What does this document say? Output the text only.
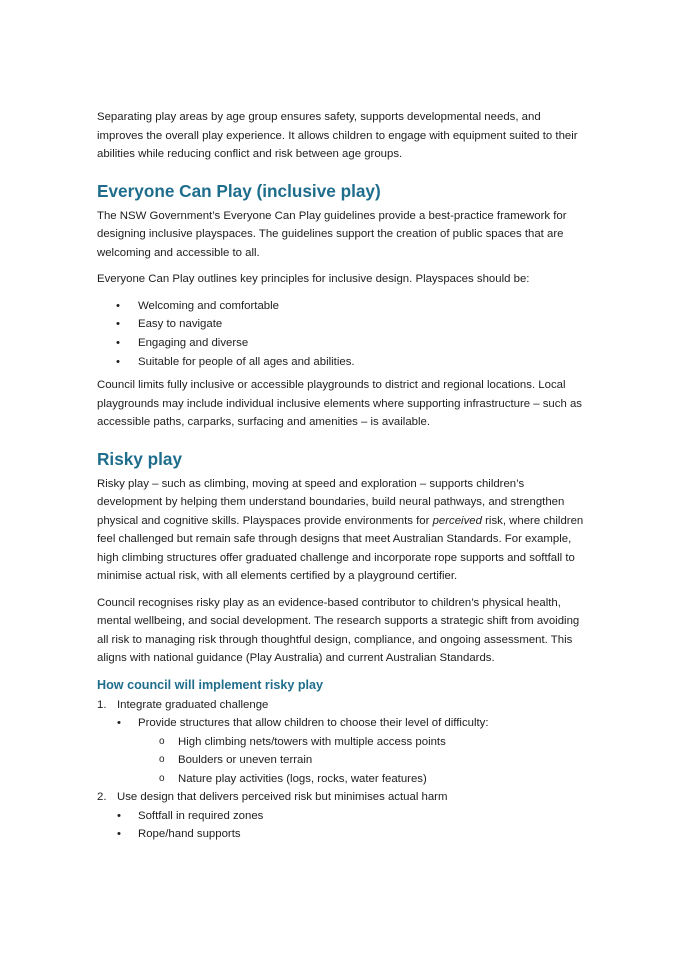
Separating play areas by age group ensures safety, supports developmental needs, and improves the overall play experience. It allows children to engage with equipment suited to their abilities while reducing conflict and risk between age groups.

Everyone Can Play (inclusive play)

The NSW Government’s Everyone Can Play guidelines provide a best-practice framework for designing inclusive playspaces. The guidelines support the creation of public spaces that are welcoming and accessible to all.

Everyone Can Play outlines key principles for inclusive design. Playspaces should be:

• Welcoming and comfortable
• Easy to navigate
• Engaging and diverse
• Suitable for people of all ages and abilities.

Council limits fully inclusive or accessible playgrounds to district and regional locations. Local playgrounds may include individual inclusive elements where supporting infrastructure – such as accessible paths, carparks, surfacing and amenities – is available.

Risky play

Risky play – such as climbing, moving at speed and exploration – supports children’s development by helping them understand boundaries, build neural pathways, and strengthen physical and cognitive skills. Playspaces provide environments for perceived risk, where children feel challenged but remain safe through designs that meet Australian Standards. For example, high climbing structures offer graduated challenge and incorporate rope supports and softfall to minimise actual risk, with all elements certified by a playground certifier.

Council recognises risky play as an evidence-based contributor to children’s physical health, mental wellbeing, and social development. The research supports a strategic shift from avoiding all risk to managing risk through thoughtful design, compliance, and ongoing assessment. This aligns with national guidance (Play Australia) and current Australian Standards.

How council will implement risky play
1. Integrate graduated challenge
• Provide structures that allow children to choose their level of difficulty:
o High climbing nets/towers with multiple access points
o Boulders or uneven terrain
o Nature play activities (logs, rocks, water features)
2. Use design that delivers perceived risk but minimises actual harm
• Softfall in required zones
• Rope/hand supports
